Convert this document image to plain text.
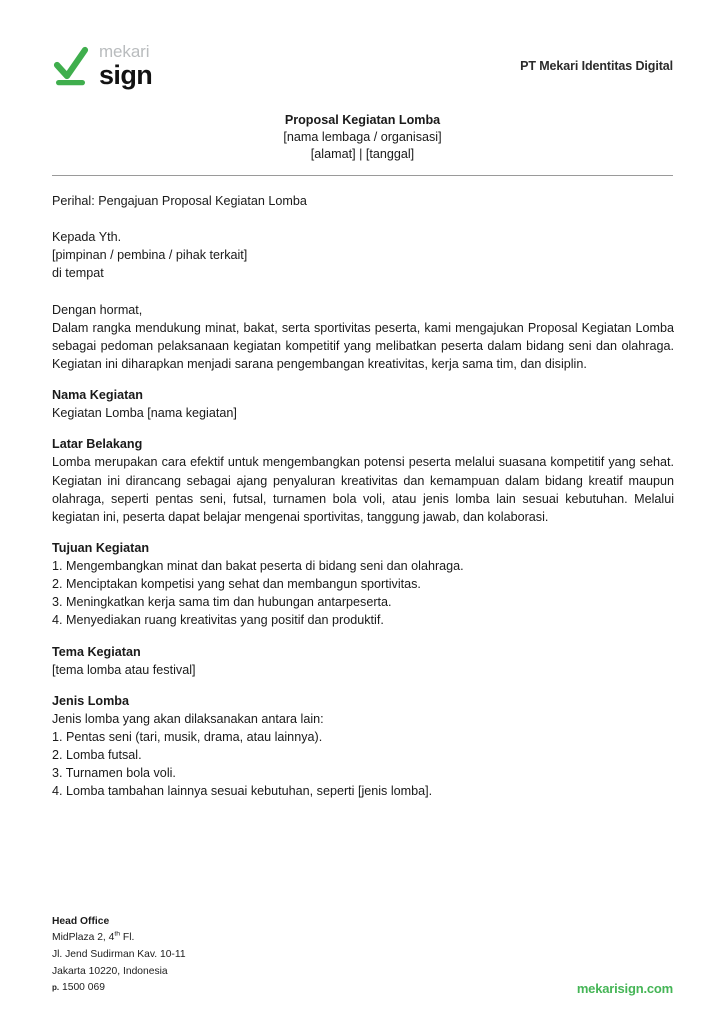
mekari
sign	PT Mekari Identitas Digital
Proposal Kegiatan Lomba
[nama lembaga / organisasi]
[alamat] | [tanggal]

Perihal: Pengajuan Proposal Kegiatan Lomba

Kepada Yth.

[pimpinan / pembina / pihak terkait]

di tempat

Dengan hormat,

Dalam rangka mendukung minat, bakat, serta sportivitas peserta, kami mengajukan Proposal Kegiatan Lomba sebagai pedoman pelaksanaan kegiatan kompetitif yang melibatkan peserta dalam bidang seni dan olahraga. Kegiatan ini diharapkan menjadi sarana pengembangan kreativitas, kerja sama tim, dan disiplin.

Nama Kegiatan

Kegiatan Lomba [nama kegiatan]

Latar Belakang

Lomba merupakan cara efektif untuk mengembangkan potensi peserta melalui suasana kompetitif yang sehat. Kegiatan ini dirancang sebagai ajang penyaluran kreativitas dan kemampuan dalam bidang kreatif maupun olahraga, seperti pentas seni, futsal, turnamen bola voli, atau jenis lomba lain sesuai kebutuhan. Melalui kegiatan ini, peserta dapat belajar mengenai sportivitas, tanggung jawab, dan kolaborasi.

Tujuan Kegiatan

1. Mengembangkan minat dan bakat peserta di bidang seni dan olahraga.

2. Menciptakan kompetisi yang sehat dan membangun sportivitas.

3. Meningkatkan kerja sama tim dan hubungan antarpeserta.

4. Menyediakan ruang kreativitas yang positif dan produktif.

Tema Kegiatan

[tema lomba atau festival]

Jenis Lomba

Jenis lomba yang akan dilaksanakan antara lain:

1. Pentas seni (tari, musik, drama, atau lainnya).

2. Lomba futsal.

3. Turnamen bola voli.

4. Lomba tambahan lainnya sesuai kebutuhan, seperti [jenis lomba].

Head Office
MidPlaza 2, 4th Fl.
Jl. Jend Sudirman Kav. 10-11
Jakarta 10220, Indonesia
p. 1500 069	mekarisign.com
